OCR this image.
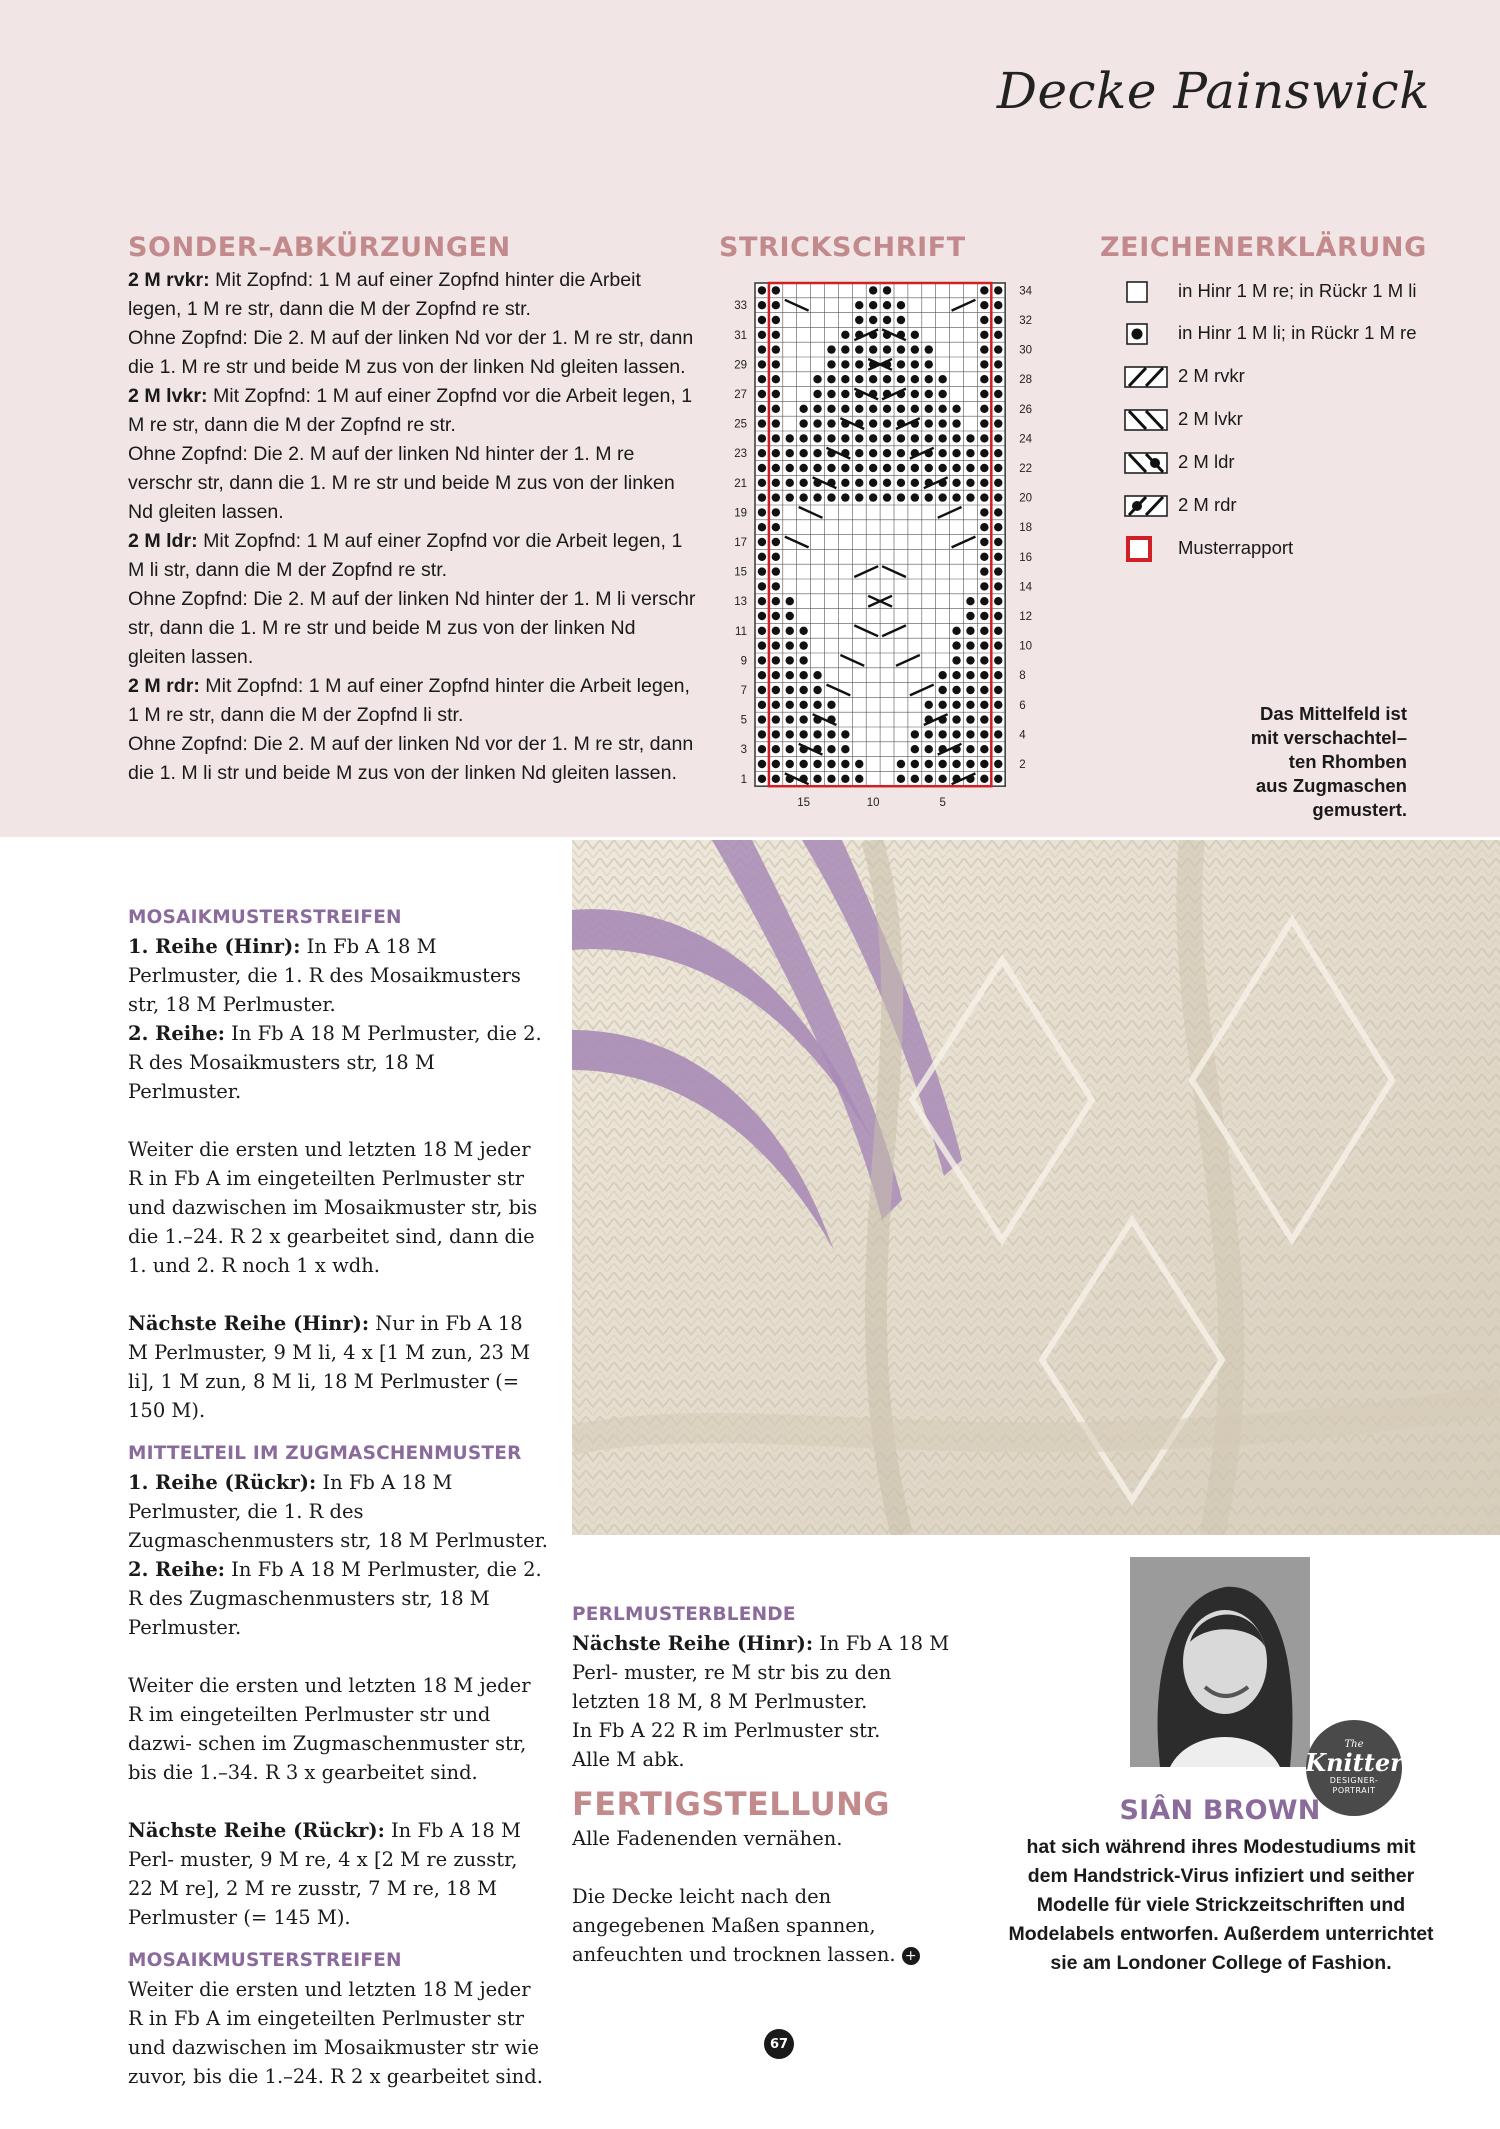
Decke Painswick
SONDER–ABKÜRZUNGEN
2 M rvkr: Mit Zopfnd: 1 M auf einer Zopfnd hinter die Arbeit legen, 1 M re str, dann die M der Zopfnd re str.
Ohne Zopfnd: Die 2. M auf der linken Nd vor der 1. M re str, dann die 1. M re str und beide M zus von der linken Nd gleiten lassen.
2 M lvkr: Mit Zopfnd: 1 M auf einer Zopfnd vor die Arbeit legen, 1 M re str, dann die M der Zopfnd re str.
Ohne Zopfnd: Die 2. M auf der linken Nd hinter der 1. M re verschr str, dann die 1. M re str und beide M zus von der linken Nd gleiten lassen.
2 M ldr: Mit Zopfnd: 1 M auf einer Zopfnd vor die Arbeit legen, 1 M li str, dann die M der Zopfnd re str.
Ohne Zopfnd: Die 2. M auf der linken Nd hinter der 1. M li verschr str, dann die 1. M re str und beide M zus von der linken Nd gleiten lassen.
2 M rdr: Mit Zopfnd: 1 M auf einer Zopfnd hinter die Arbeit legen, 1 M re str, dann die M der Zopfnd li str.
Ohne Zopfnd: Die 2. M auf der linken Nd vor der 1. M re str, dann die 1. M li str und beide M zus von der linken Nd gleiten lassen.
STRICKSCHRIFT
33
31
29
27
25
23
21
19
17
15
13
11
9
7
5
3
1
34
32
30
28
26
24
22
20
18
16
14
12
10
8
6
4
2
15	10	5
ZEICHENERKLÄRUNG
in Hinr 1 M re; in Rückr 1 M li
in Hinr 1 M li; in Rückr 1 M re
2 M rvkr
2 M lvkr
2 M ldr
2 M rdr
Musterrapport
Das Mittelfeld ist
mit verschachtel–
ten Rhomben
aus Zugmaschen
gemustert.
MOSAIKMUSTERSTREIFEN
1. Reihe (Hinr): In Fb A 18 M Perlmuster, die 1. R des Mosaikmusters str, 18 M Perlmuster.
2. Reihe: In Fb A 18 M Perlmuster, die 2. R des Mosaikmusters str, 18 M Perlmuster.
Weiter die ersten und letzten 18 M jeder R in Fb A im eingeteilten Perlmuster str und dazwischen im Mosaikmuster str, bis die 1.–24. R 2 x gearbeitet sind, dann die 1. und 2. R noch 1 x wdh.
Nächste Reihe (Hinr): Nur in Fb A 18 M Perlmuster, 9 M li, 4 x [1 M zun, 23 M li], 1 M zun, 8 M li, 18 M Perlmuster (= 150 M).
MITTELTEIL IM ZUGMASCHENMUSTER
1. Reihe (Rückr): In Fb A 18 M Perlmuster, die 1. R des Zugmaschenmusters str, 18 M Perlmuster.
2. Reihe: In Fb A 18 M Perlmuster, die 2. R des Zugmaschenmusters str, 18 M Perlmuster.
Weiter die ersten und letzten 18 M jeder R im eingeteilten Perlmuster str und dazwi- schen im Zugmaschenmuster str, bis die 1.–34. R 3 x gearbeitet sind.
Nächste Reihe (Rückr): In Fb A 18 M Perl- muster, 9 M re, 4 x [2 M re zusstr, 22 M re], 2 M re zusstr, 7 M re, 18 M Perlmuster (= 145 M).
MOSAIKMUSTERSTREIFEN
Weiter die ersten und letzten 18 M jeder R in Fb A im eingeteilten Perlmuster str und dazwischen im Mosaikmuster str wie zuvor, bis die 1.–24. R 2 x gearbeitet sind.
PERLMUSTERBLENDE
Nächste Reihe (Hinr): In Fb A 18 M Perl- muster, re M str bis zu den letzten 18 M, 8 M Perlmuster.
In Fb A 22 R im Perlmuster str.
Alle M abk.
FERTIGSTELLUNG
Alle Fadenenden vernähen.
Die Decke leicht nach den angegebenen Maßen spannen, anfeuchten und trocknen lassen. +
The
Knitter
DESIGNER-
PORTRAIT
SIÂN BROWN
hat sich während ihres Modestudiums mit dem Handstrick-Virus infiziert und seither Modelle für viele Strickzeitschriften und Modelabels entworfen. Außerdem unterrichtet sie am Londoner College of Fashion.
67
